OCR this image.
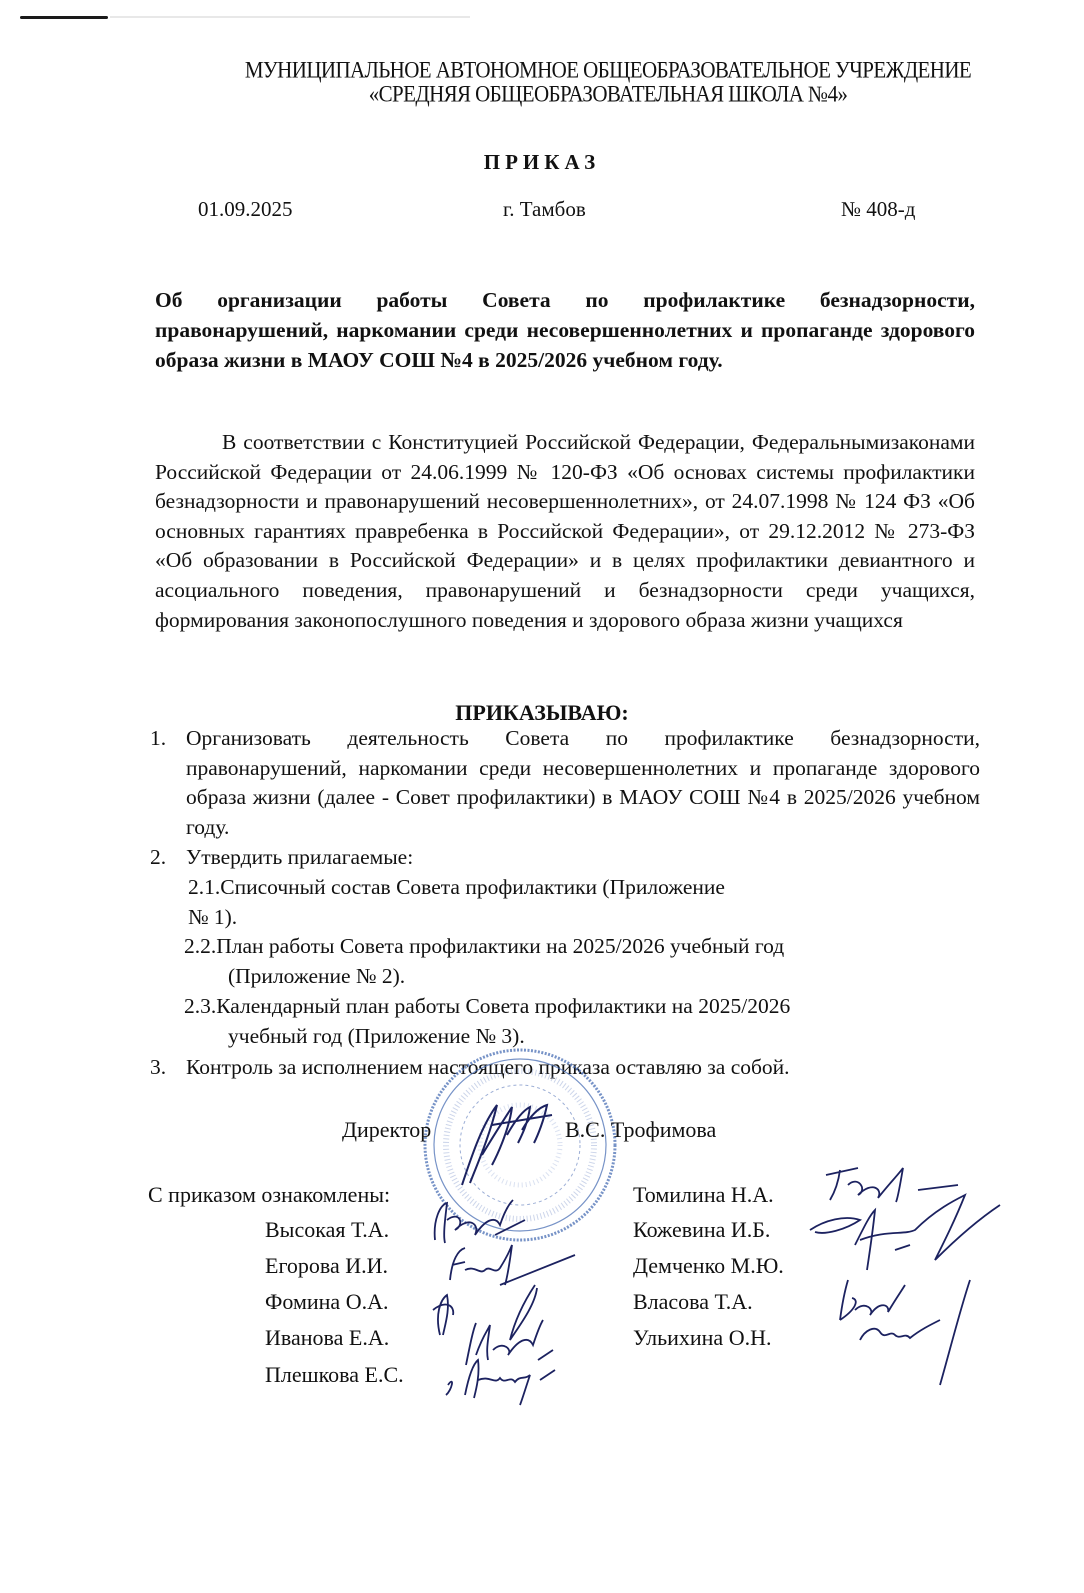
МУНИЦИПАЛЬНОЕ АВТОНОМНОЕ ОБЩЕОБРАЗОВАТЕЛЬНОЕ УЧРЕЖДЕНИЕ
«СРЕДНЯЯ ОБЩЕОБРАЗОВАТЕЛЬНАЯ ШКОЛА №4»
ПРИКАЗ
01.09.2025	г. Тамбов	№ 408-д
Об организации работы Совета по профилактике безнадзорности, правонарушений, наркомании среди несовершеннолетних и пропаганде здорового образа жизни в МАОУ СОШ №4 в 2025/2026 учебном году.
В соответствии с Конституцией Российской Федерации, Федеральнымизаконами Российской Федерации от 24.06.1999 № 120-ФЗ «Об основах системы профилактики безнадзорности и правонарушений несовершеннолетних», от 24.07.1998 № 124 ФЗ «Об основных гарантиях правребенка в Российской Федерации», от 29.12.2012 № 273-ФЗ «Об образовании в Российской Федерации» и в целях профилактики девиантного и асоциального поведения, правонарушений и безнадзорности среди учащихся, формирования законопослушного поведения и здорового образа жизни учащихся
ПРИКАЗЫВАЮ:
1. Организовать деятельность Совета по профилактике безнадзорности, правонарушений, наркомании среди несовершеннолетних и пропаганде здорового образа жизни (далее - Совет профилактики) в МАОУ СОШ №4 в 2025/2026 учебном году.
2. Утвердить прилагаемые:
2.1.Списочный состав Совета профилактики (Приложение
№ 1).
2.2.План работы Совета профилактики на 2025/2026 учебный год
(Приложение № 2).
2.3.Календарный план работы Совета профилактики на 2025/2026
учебный год (Приложение № 3).
3. Контроль за исполнением настоящего приказа оставляю за собой.
Директор	В.С. Трофимова
С приказом ознакомлены:
Высокая Т.А.
Егорова И.И.
Фомина О.А.
Иванова Е.А.
Плешкова Е.С.
Томилина Н.А.
Кожевина И.Б.
Демченко М.Ю.
Власова Т.А.
Ульихина О.Н.
